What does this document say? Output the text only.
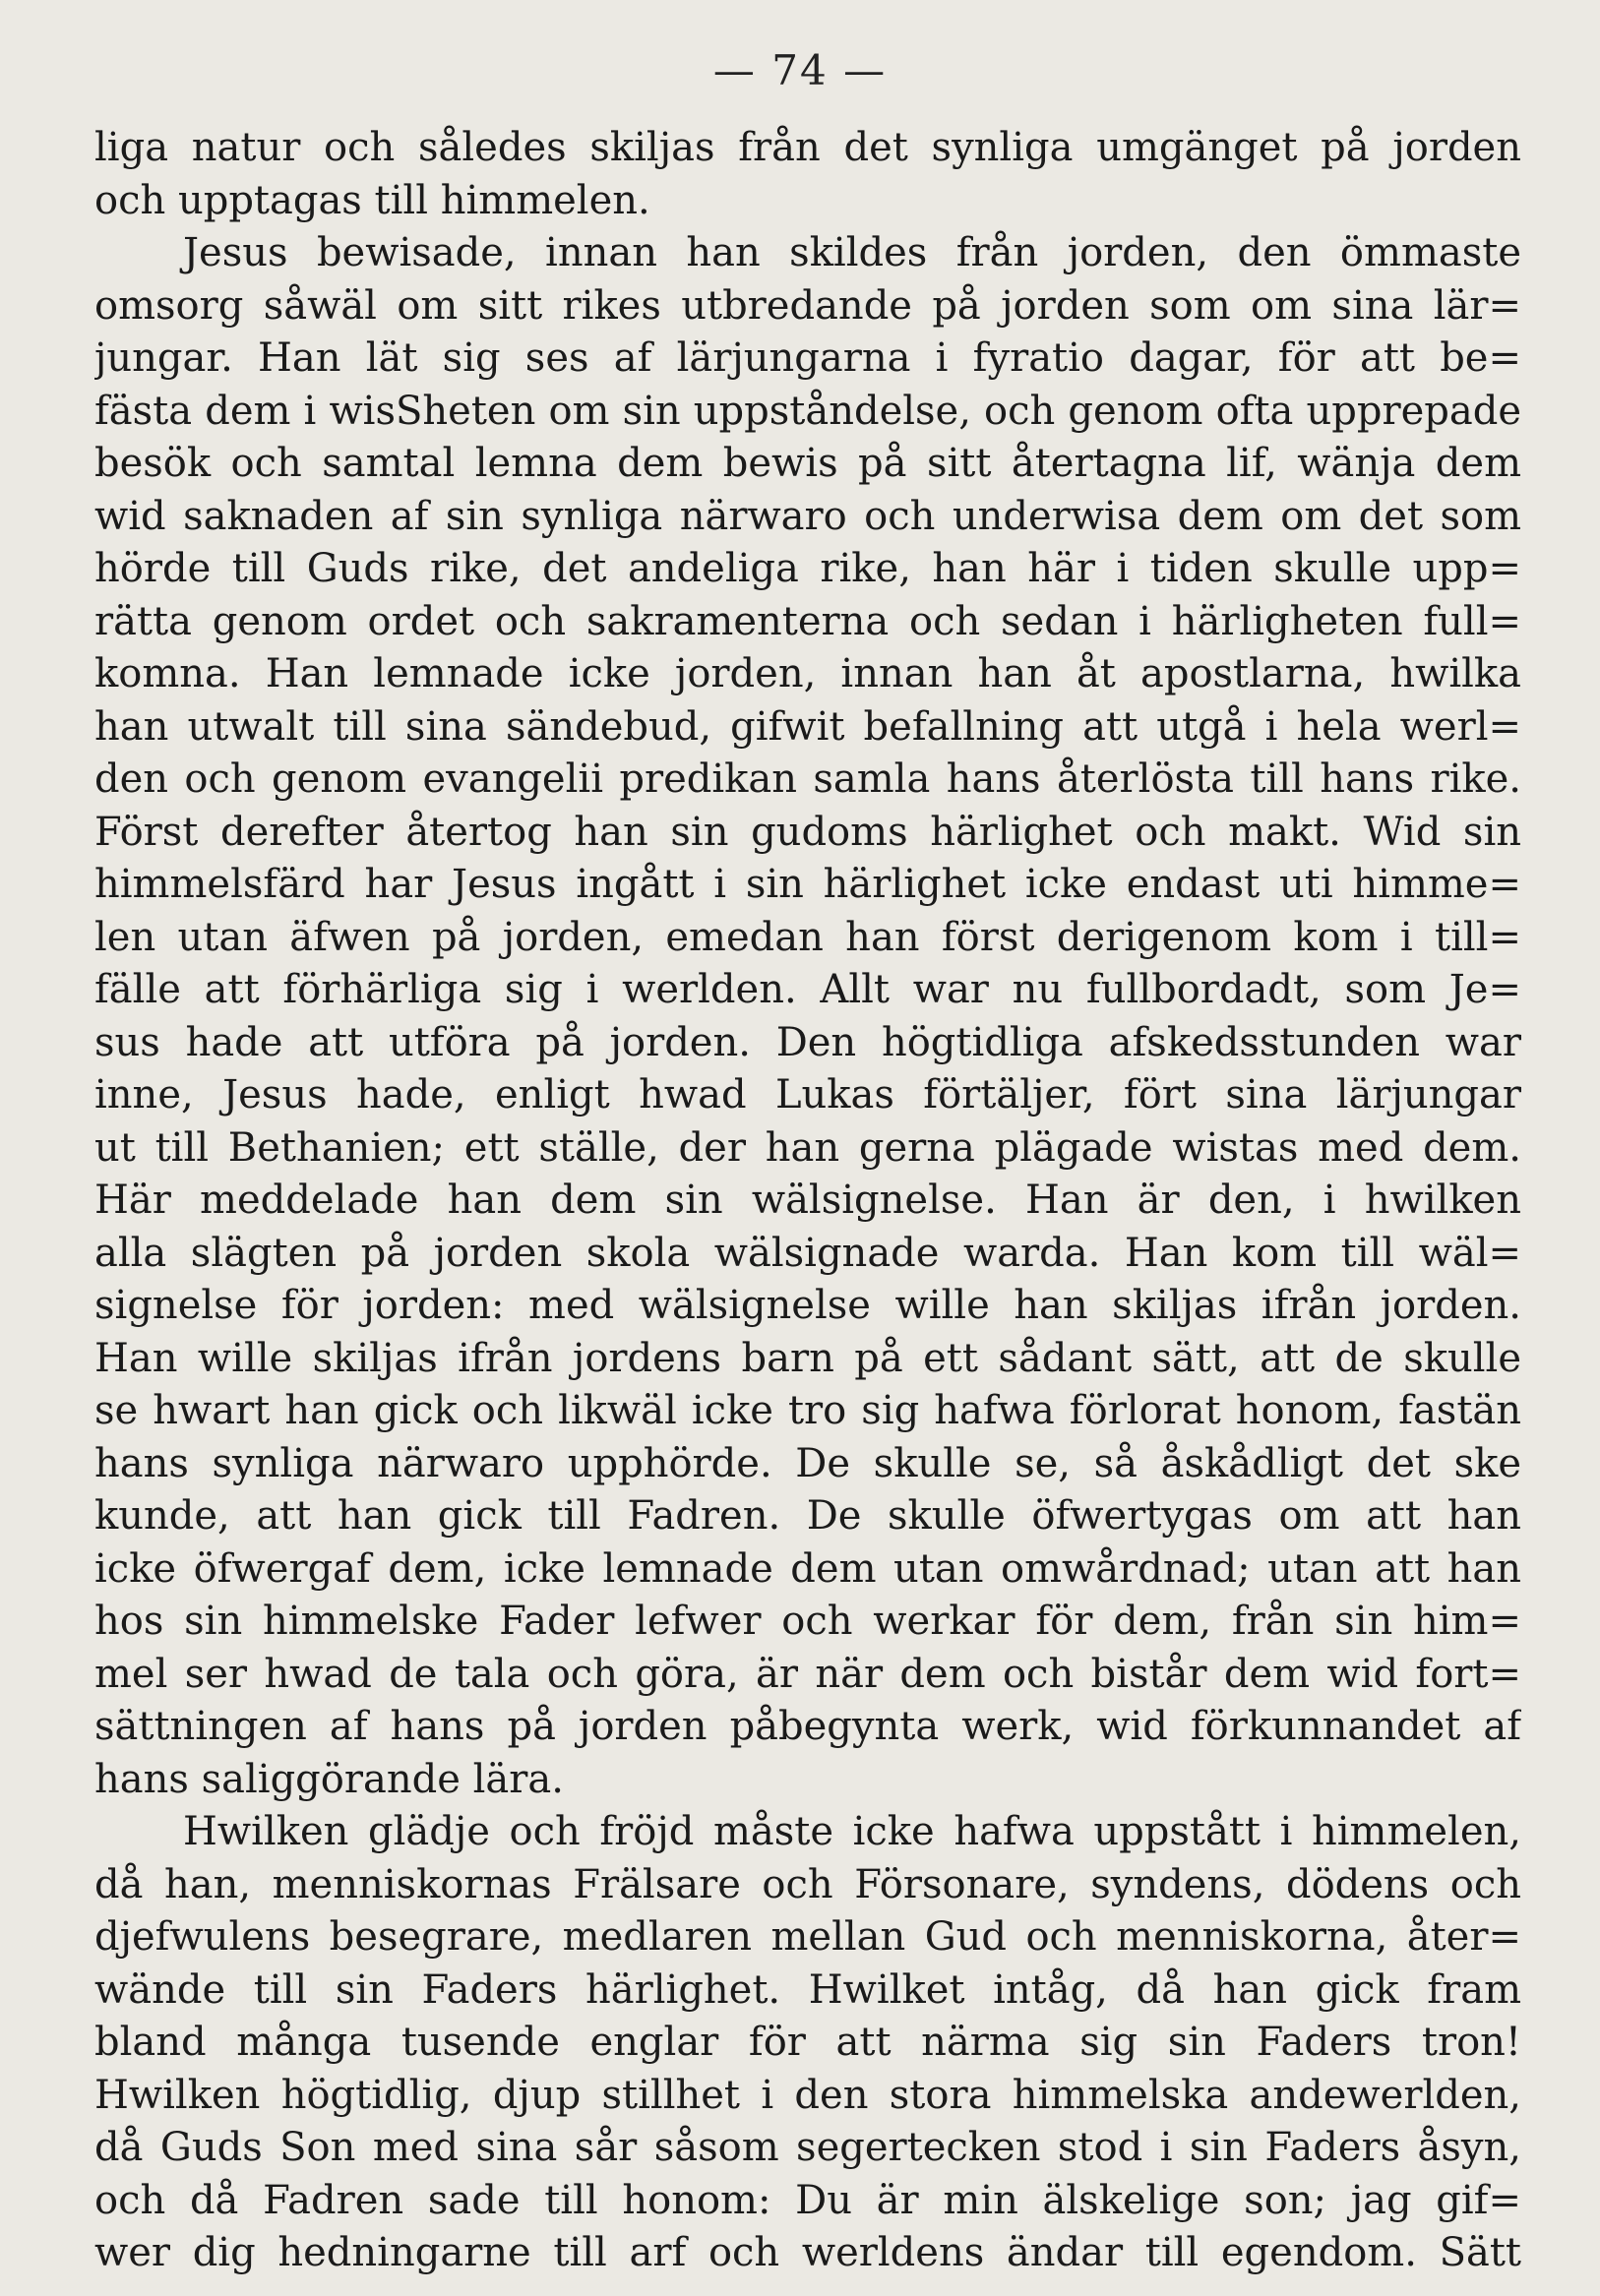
— 74 —
liga natur och således skiljas från det synliga umgänget på jorden
och upptagas till himmelen.
Jesus bewisade, innan han skildes från jorden, den ömmaste
omsorg såwäl om sitt rikes utbredande på jorden som om sina lär=
jungar. Han lät sig ses af lärjungarna i fyratio dagar, för att be=
fästa dem i wisSheten om sin uppståndelse, och genom ofta upprepade
besök och samtal lemna dem bewis på sitt återtagna lif, wänja dem
wid saknaden af sin synliga närwaro och underwisa dem om det som
hörde till Guds rike, det andeliga rike, han här i tiden skulle upp=
rätta genom ordet och sakramenterna och sedan i härligheten full=
komna. Han lemnade icke jorden, innan han åt apostlarna, hwilka
han utwalt till sina sändebud, gifwit befallning att utgå i hela werl=
den och genom evangelii predikan samla hans återlösta till hans rike.
Först derefter återtog han sin gudoms härlighet och makt. Wid sin
himmelsfärd har Jesus ingått i sin härlighet icke endast uti himme=
len utan äfwen på jorden, emedan han först derigenom kom i till=
fälle att förhärliga sig i werlden. Allt war nu fullbordadt, som Je=
sus hade att utföra på jorden. Den högtidliga afskedsstunden war
inne, Jesus hade, enligt hwad Lukas förtäljer, fört sina lärjungar
ut till Bethanien; ett ställe, der han gerna plägade wistas med dem.
Här meddelade han dem sin wälsignelse. Han är den, i hwilken
alla slägten på jorden skola wälsignade warda. Han kom till wäl=
signelse för jorden: med wälsignelse wille han skiljas ifrån jorden.
Han wille skiljas ifrån jordens barn på ett sådant sätt, att de skulle
se hwart han gick och likwäl icke tro sig hafwa förlorat honom, fastän
hans synliga närwaro upphörde. De skulle se, så åskådligt det ske
kunde, att han gick till Fadren. De skulle öfwertygas om att han
icke öfwergaf dem, icke lemnade dem utan omwårdnad; utan att han
hos sin himmelske Fader lefwer och werkar för dem, från sin him=
mel ser hwad de tala och göra, är när dem och bistår dem wid fort=
sättningen af hans på jorden påbegynta werk, wid förkunnandet af
hans saliggörande lära.
Hwilken glädje och fröjd måste icke hafwa uppstått i himmelen,
då han, menniskornas Frälsare och Försonare, syndens, dödens och
djefwulens besegrare, medlaren mellan Gud och menniskorna, åter=
wände till sin Faders härlighet. Hwilket intåg, då han gick fram
bland många tusende englar för att närma sig sin Faders tron!
Hwilken högtidlig, djup stillhet i den stora himmelska andewerlden,
då Guds Son med sina sår såsom segertecken stod i sin Faders åsyn,
och då Fadren sade till honom: Du är min älskelige son; jag gif=
wer dig hedningarne till arf och werldens ändar till egendom. Sätt
